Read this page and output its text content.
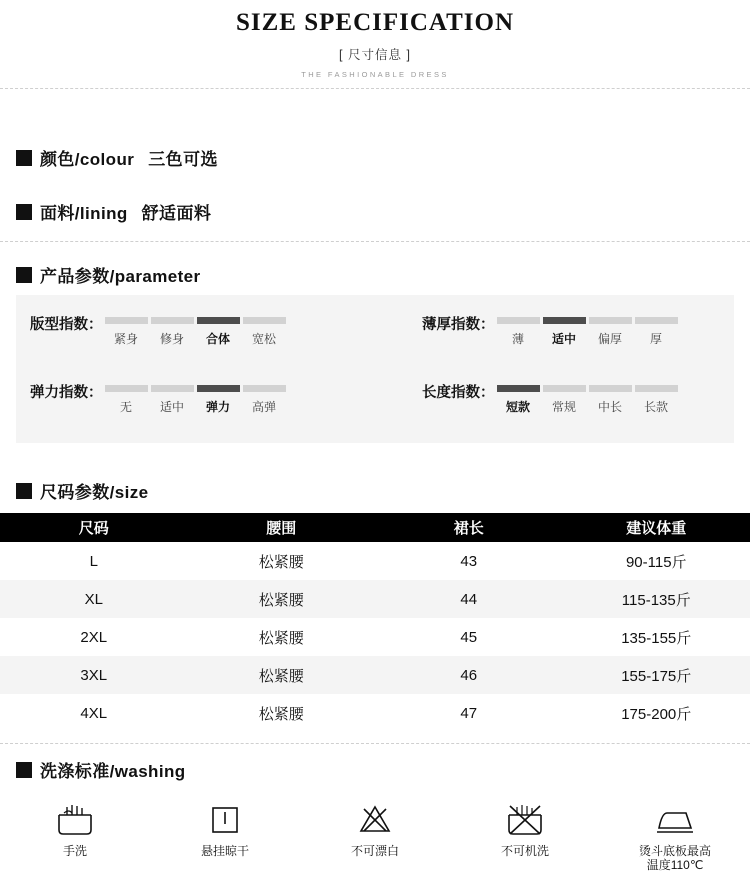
SIZE SPECIFICATION
[ 尺寸信息 ]
THE FASHIONABLE DRESS
颜色/colour 三色可选
面料/lining 舒适面料
产品参数/parameter
版型指数：
紧身	修身	合体	宽松
薄厚指数：
薄	适中	偏厚	厚
弹力指数：
无	适中	弹力	高弹
长度指数：
短款	常规	中长	长款
尺码参数/size
尺码	腰围	裙长	建议体重
L	松紧腰	43	90-115斤
XL	松紧腰	44	115-135斤
2XL	松紧腰	45	135-155斤
3XL	松紧腰	46	155-175斤
4XL	松紧腰	47	175-200斤
洗涤标准/washing
手洗	悬挂晾干	不可漂白	不可机洗	烫斗底板最高
温度110℃
